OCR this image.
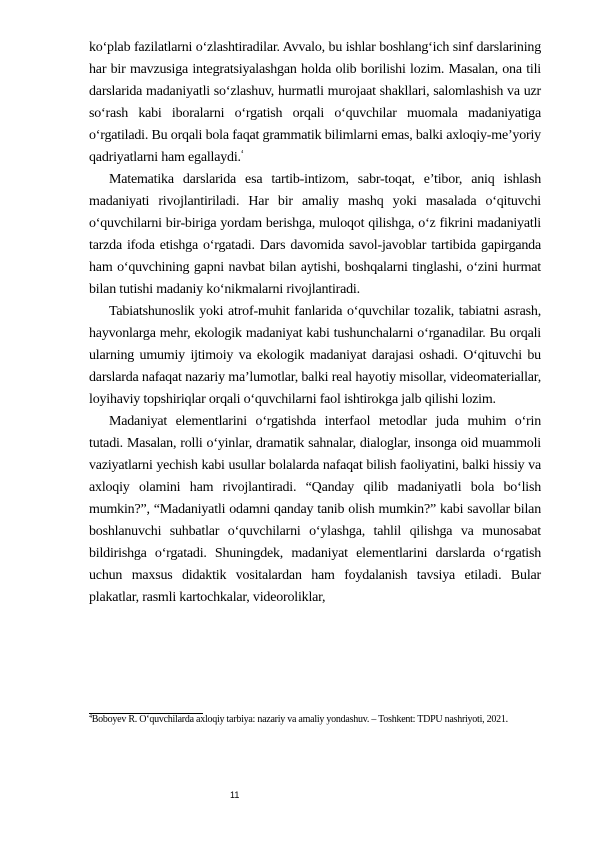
ko‘plab fazilatlarni o‘zlashtiradilar. Avvalo, bu ishlar boshlang‘ich sinf darslarining har bir mavzusiga integratsiyalashgan holda olib borilishi lozim. Masalan, ona tili darslarida madaniyatli so‘zlashuv, hurmatli murojaat shakllari, salomlashish va uzr so‘rash kabi iboralarni o‘rgatish orqali o‘quvchilar muomala madaniyatiga o‘rgatiladi. Bu orqali bola faqat grammatik bilimlarni emas, balki axloqiy-me’yoriy qadriyatlarni ham egallaydi.$^{^4}$

Matematika darslarida esa tartib-intizom, sabr-toqat, e’tibor, aniq ishlash madaniyati rivojlantiriladi. Har bir amaliy mashq yoki masalada o‘qituvchi o‘quvchilarni bir-biriga yordam berishga, muloqot qilishga, o‘z fikrini madaniyatli tarzda ifoda etishga o‘rgatadi. Dars davomida savol-javoblar tartibida gapirganda ham o‘quvchining gapni navbat bilan aytishi, boshqalarni tinglashi, o‘zini hurmat bilan tutishi madaniy ko‘nikmalarni rivojlantiradi.

Tabiatshunoslik yoki atrof-muhit fanlarida o‘quvchilar tozalik, tabiatni asrash, hayvonlarga mehr, ekologik madaniyat kabi tushunchalarni o‘rganadilar. Bu orqali ularning umumiy ijtimoiy va ekologik madaniyat darajasi oshadi. O‘qituvchi bu darslarda nafaqat nazariy ma’lumotlar, balki real hayotiy misollar, videomateriallar, loyihaviy topshiriqlar orqali o‘quvchilarni faol ishtirokga jalb qilishi lozim.

Madaniyat elementlarini o‘rgatishda interfaol metodlar juda muhim o‘rin tutadi. Masalan, rolli o‘yinlar, dramatik sahnalar, dialoglar, insonga oid muammoli vaziyatlarni yechish kabi usullar bolalarda nafaqat bilish faoliyatini, balki hissiy va axloqiy olamini ham rivojlantiradi. “Qanday qilib madaniyatli bola bo‘lish mumkin?”, “Madaniyatli odamni qanday tanib olish mumkin?” kabi savollar bilan boshlanuvchi suhbatlar o‘quvchilarni o‘ylashga, tahlil qilishga va munosabat bildirishga o‘rgatadi. Shuningdek, madaniyat elementlarini darslarda o‘rgatish uchun maxsus didaktik vositalardan ham foydalanish tavsiya etiladi. Bular plakatlar, rasmli kartochkalar, videoroliklar,

$^4$Boboyev R. O‘quvchilarda axloqiy tarbiya: nazariy va amaliy yondashuv. – Toshkent: TDPU nashriyoti, 2021.
11
